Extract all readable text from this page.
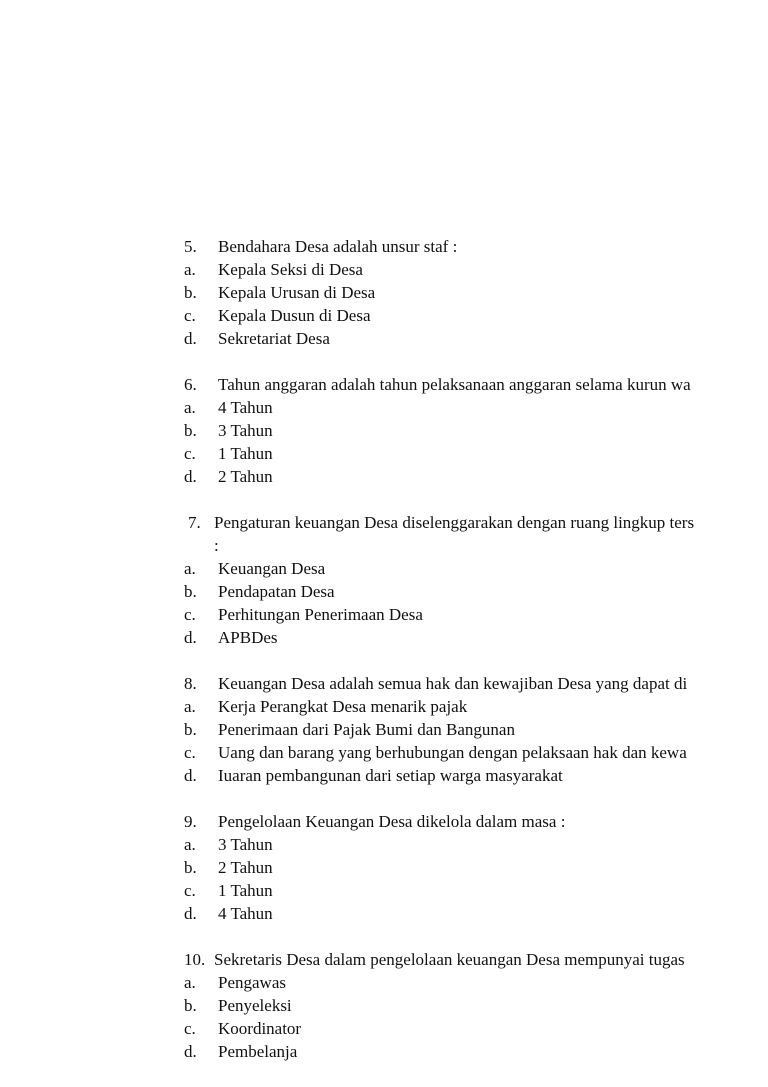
5. Bendahara Desa adalah unsur staf :
a. Kepala Seksi di Desa
b. Kepala Urusan di Desa
c. Kepala Dusun di Desa
d. Sekretariat Desa
6. Tahun anggaran adalah tahun pelaksanaan anggaran selama kurun wa
a. 4 Tahun
b. 3 Tahun
c. 1 Tahun
d. 2 Tahun
7. Pengaturan keuangan Desa diselenggarakan dengan ruang lingkup ters
:
a. Keuangan Desa
b. Pendapatan Desa
c. Perhitungan Penerimaan Desa
d. APBDes
8. Keuangan Desa adalah semua hak dan kewajiban Desa yang dapat di
a. Kerja Perangkat Desa menarik pajak
b. Penerimaan dari Pajak Bumi dan Bangunan
c. Uang dan barang yang berhubungan dengan pelaksaan hak dan kewa
d. Iuaran pembangunan dari setiap warga masyarakat
9. Pengelolaan Keuangan Desa dikelola dalam masa :
a. 3 Tahun
b. 2 Tahun
c. 1 Tahun
d. 4 Tahun
10. Sekretaris Desa dalam pengelolaan keuangan Desa mempunyai tugas
a. Pengawas
b. Penyeleksi
c. Koordinator
d. Pembelanja
